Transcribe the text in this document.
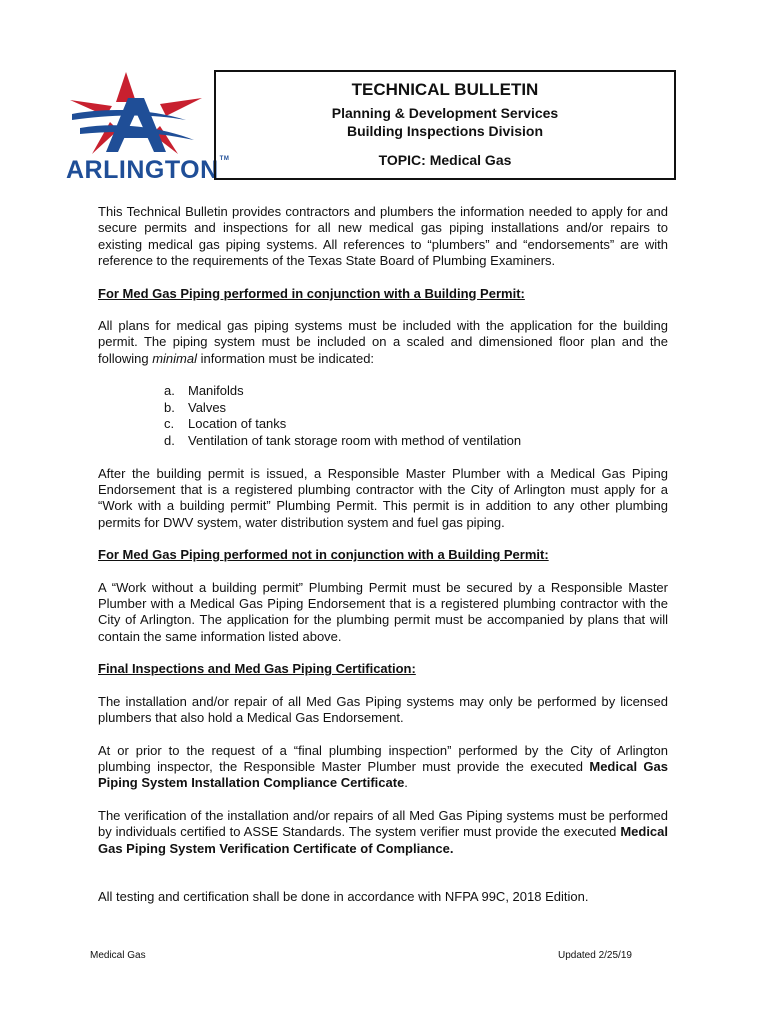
ARLINGTON™
TECHNICAL BULLETIN
Planning & Development Services
Building Inspections Division
TOPIC: Medical Gas

This Technical Bulletin provides contractors and plumbers the information needed to apply for and secure permits and inspections for all new medical gas piping installations and/or repairs to existing medical gas piping systems. All references to “plumbers” and “endorsements” are with reference to the requirements of the Texas State Board of Plumbing Examiners.

For Med Gas Piping performed in conjunction with a Building Permit:

All plans for medical gas piping systems must be included with the application for the building permit. The piping system must be included on a scaled and dimensioned floor plan and the following minimal information must be indicated:

a.	Manifolds
b.	Valves
c.	Location of tanks
d.	Ventilation of tank storage room with method of ventilation

After the building permit is issued, a Responsible Master Plumber with a Medical Gas Piping Endorsement that is a registered plumbing contractor with the City of Arlington must apply for a “Work with a building permit” Plumbing Permit. This permit is in addition to any other plumbing permits for DWV system, water distribution system and fuel gas piping.

For Med Gas Piping performed not in conjunction with a Building Permit:

A “Work without a building permit” Plumbing Permit must be secured by a Responsible Master Plumber with a Medical Gas Piping Endorsement that is a registered plumbing contractor with the City of Arlington. The application for the plumbing permit must be accompanied by plans that will contain the same information listed above.

Final Inspections and Med Gas Piping Certification:

The installation and/or repair of all Med Gas Piping systems may only be performed by licensed plumbers that also hold a Medical Gas Endorsement.

At or prior to the request of a “final plumbing inspection” performed by the City of Arlington plumbing inspector, the Responsible Master Plumber must provide the executed Medical Gas Piping System Installation Compliance Certificate.

The verification of the installation and/or repairs of all Med Gas Piping systems must be performed by individuals certified to ASSE Standards. The system verifier must provide the executed Medical Gas Piping System Verification Certificate of Compliance.

All testing and certification shall be done in accordance with NFPA 99C, 2018 Edition.

Medical Gas	Updated 2/25/19
